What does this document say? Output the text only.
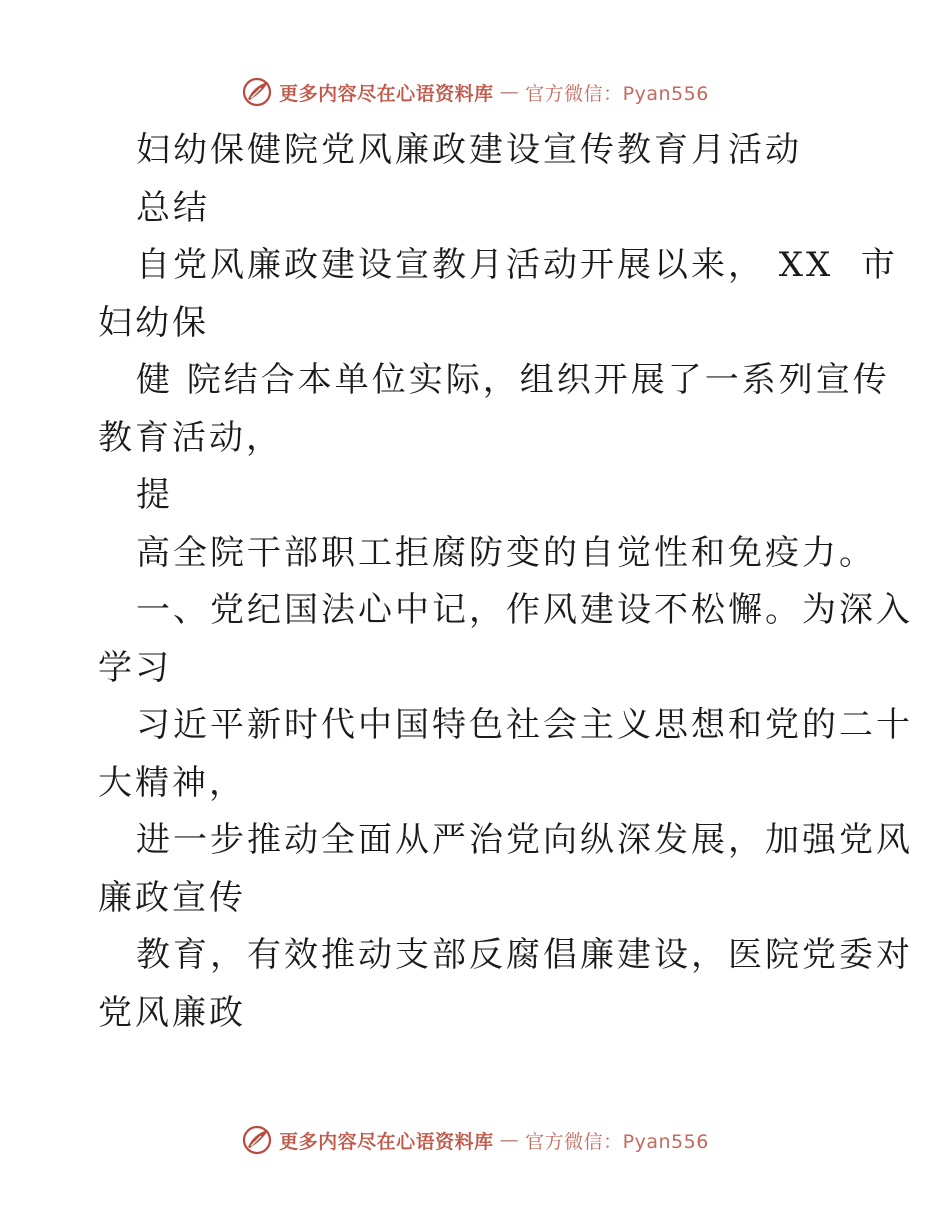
更多内容尽在心语资料库 — 官方微信：Pyan556
妇幼保健院党风廉政建设宣传教育月活动
总结
自党风廉政建设宣教月活动开展以来， XX  市
妇幼保
健 院结合本单位实际，组织开展了一系列宣传
教育活动，
提
高全院干部职工拒腐防变的自觉性和免疫力。
一、党纪国法心中记，作风建设不松懈。为深入
学习
习近平新时代中国特色社会主义思想和党的二十
大精神，
进一步推动全面从严治党向纵深发展，加强党风
廉政宣传
教育，有效推动支部反腐倡廉建设，医院党委对
党风廉政
更多内容尽在心语资料库 — 官方微信：Pyan556
